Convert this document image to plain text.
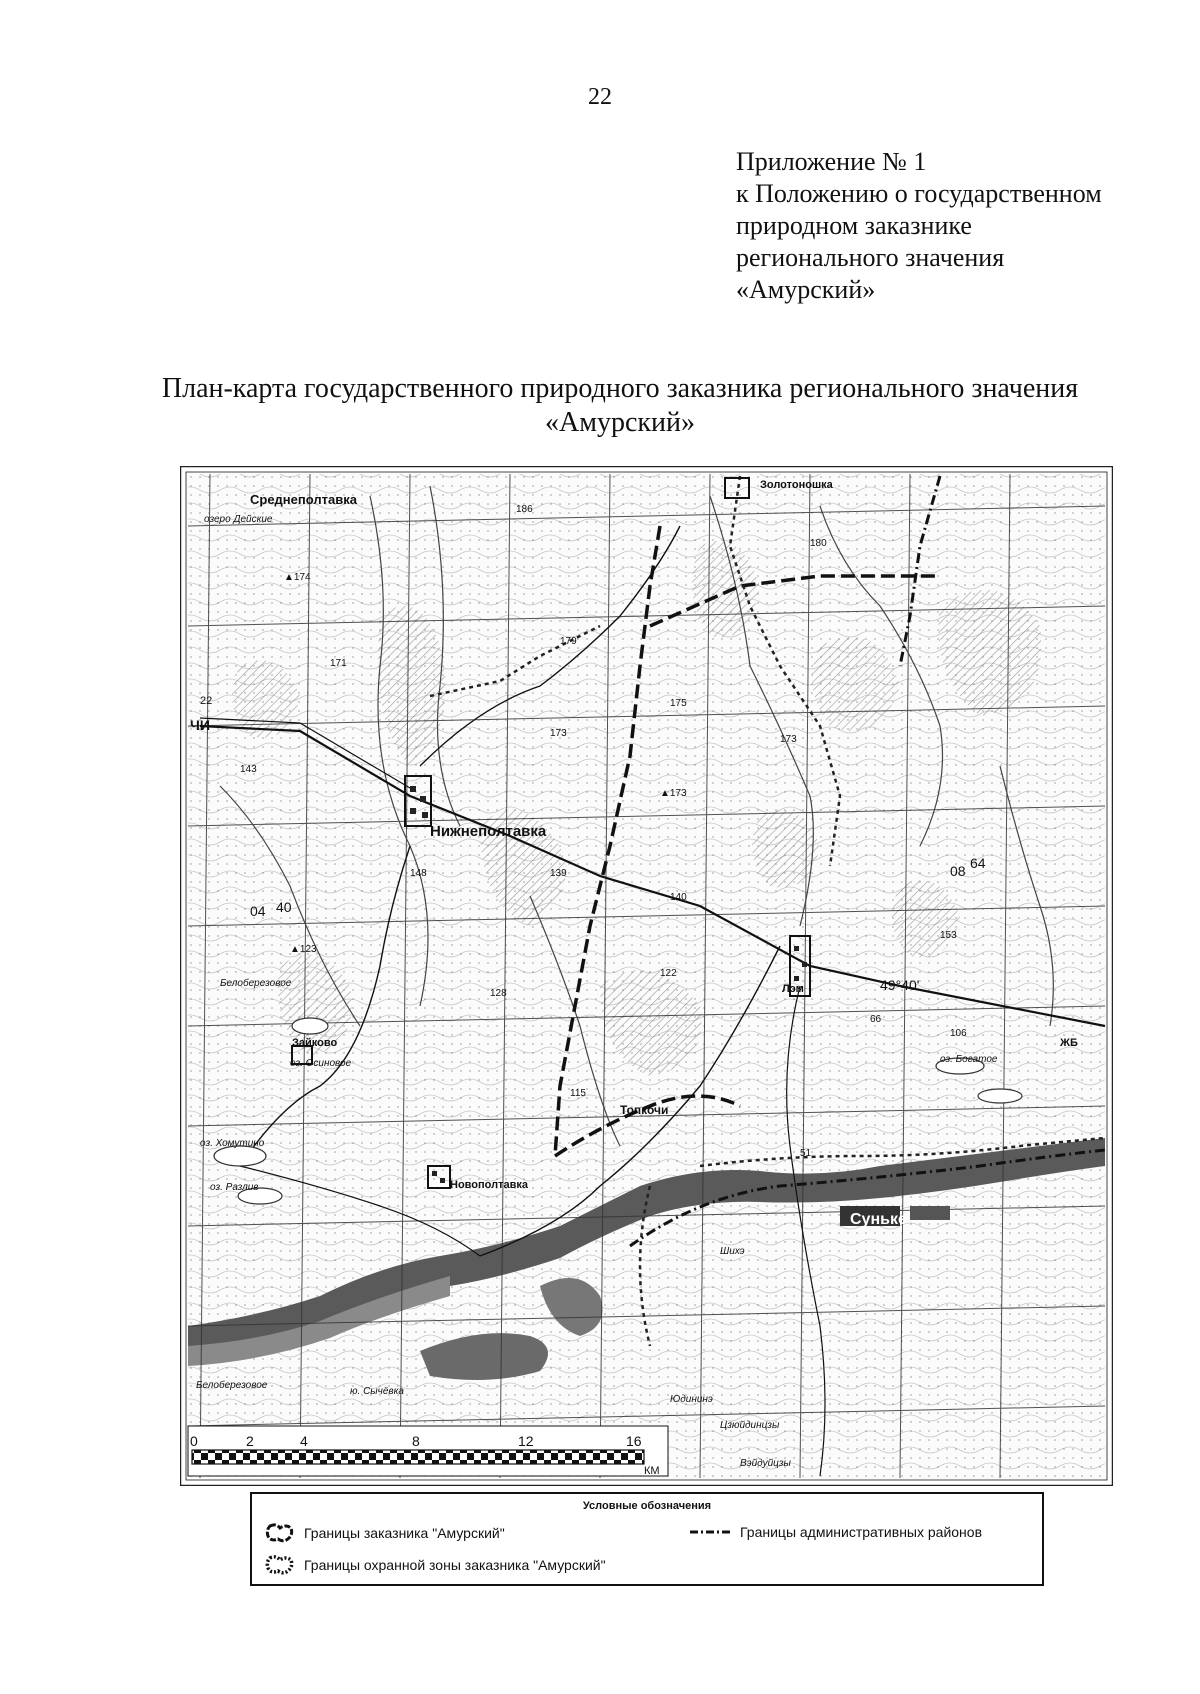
22
Приложение № 1
к Положению о государственном
природном заказнике
регионального значения
«Амурский»
План-карта государственного природного заказника регионального значения
«Амурский»
Среднеполтавка
Нижнеполтавка
Золотоношка
Зайково
Топкочи
Новополтавка
Суньке
ЧИ
Лэм
ЖБ
озеро Дейские
Белоберезовое
оз. Осиновое
оз. Хомутино
оз. Разлив
оз. Богатое
ю. Сычёвка
Белоберезовое
Юдининэ
Шихэ
Цзюйдинцзы
Вэйдуйцзы
04 40
08 64
49°40'
22
▲174
179
175
173
▲173
173
186
180
171
148	139
140
128
122
153
▲123
143
115
106
66
51
0	2	4	8	12	16
КМ
Условные обозначения
Границы заказника "Амурский"
Границы охранной зоны заказника "Амурский"
Границы административных районов
